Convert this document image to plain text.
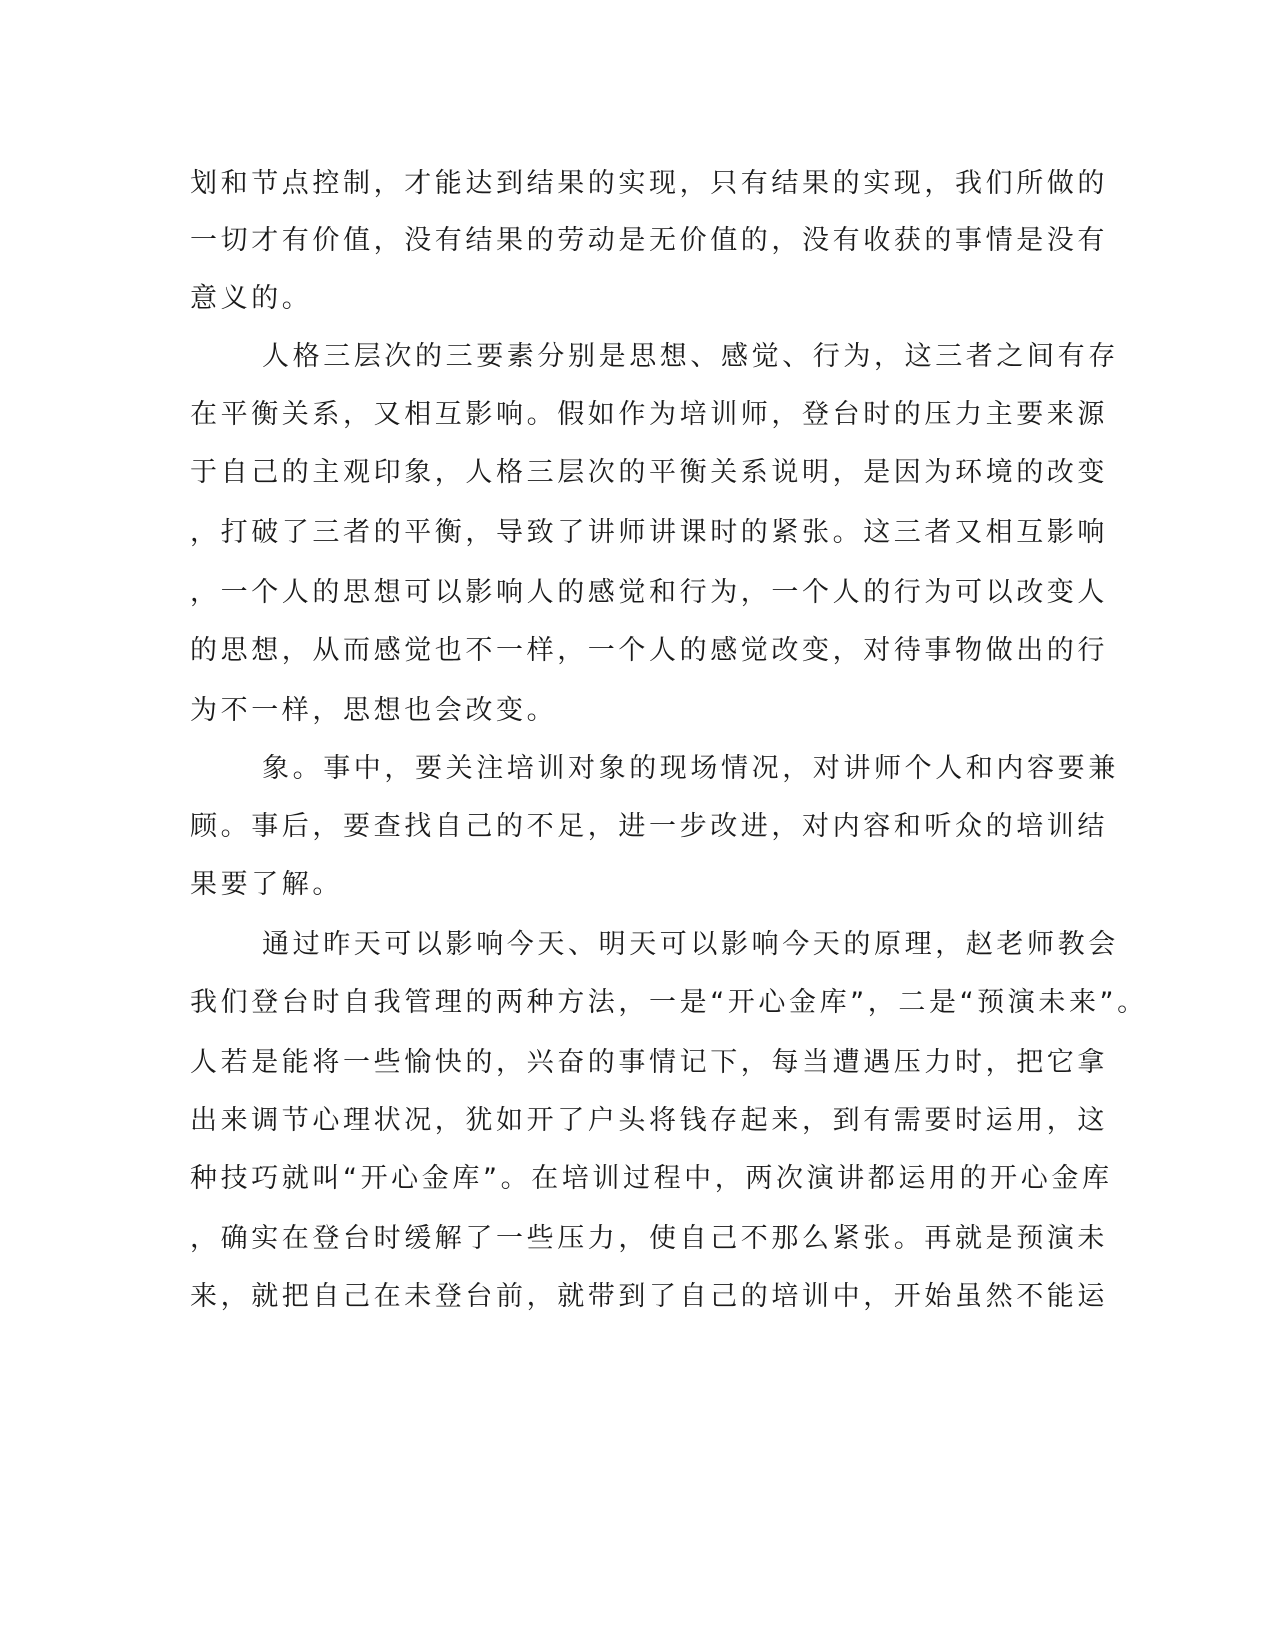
划和节点控制，才能达到结果的实现，只有结果的实现，我们所做的
一切才有价值，没有结果的劳动是无价值的，没有收获的事情是没有
意义的。
人格三层次的三要素分别是思想、感觉、行为，这三者之间有存
在平衡关系，又相互影响。假如作为培训师，登台时的压力主要来源
于自己的主观印象，人格三层次的平衡关系说明，是因为环境的改变
，打破了三者的平衡，导致了讲师讲课时的紧张。这三者又相互影响
，一个人的思想可以影响人的感觉和行为，一个人的行为可以改变人
的思想，从而感觉也不一样，一个人的感觉改变，对待事物做出的行
为不一样，思想也会改变。
象。事中，要关注培训对象的现场情况，对讲师个人和内容要兼
顾。事后，要查找自己的不足，进一步改进，对内容和听众的培训结
果要了解。
通过昨天可以影响今天、明天可以影响今天的原理，赵老师教会
我们登台时自我管理的两种方法，一是“开心金库”，二是“预演未来”。
人若是能将一些愉快的，兴奋的事情记下，每当遭遇压力时，把它拿
出来调节心理状况，犹如开了户头将钱存起来，到有需要时运用，这
种技巧就叫“开心金库”。在培训过程中，两次演讲都运用的开心金库
，确实在登台时缓解了一些压力，使自己不那么紧张。再就是预演未
来，就把自己在未登台前，就带到了自己的培训中，开始虽然不能运
